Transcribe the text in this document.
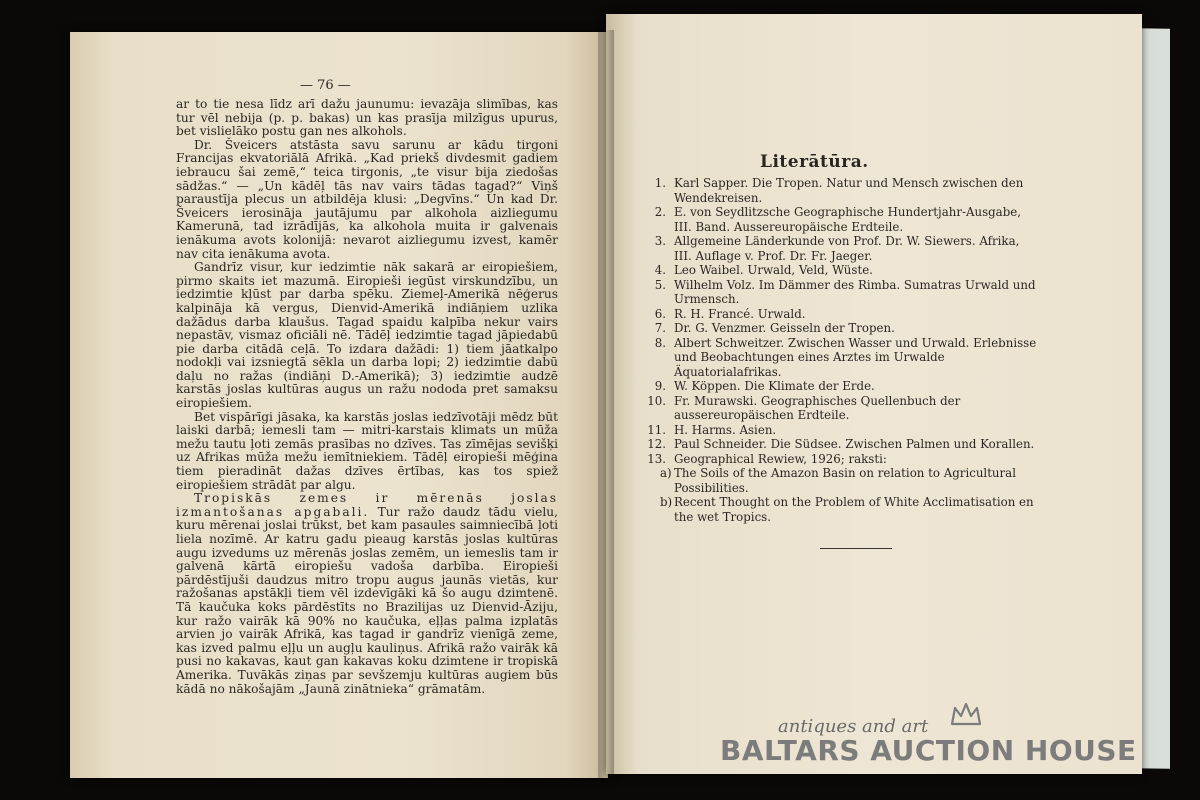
— 76 —

ar to tie nesa līdz arī dažu jaunumu: ievazāja slimības, kas tur vēl nebija (p. p. bakas) un kas prasīja milzīgus upurus, bet vislielāko postu gan nes alkohols.

Dr. Šveicers atstāsta savu sarunu ar kādu tirgoni Francijas ekvatoriālā Afrikā. „Kad priekš divdesmit gadiem iebraucu šai zemē,“ teica tirgonis, „te visur bija ziedošas sādžas.“ — „Un kādēļ tās nav vairs tādas tagad?“ Viņš paraustīja plecus un atbildēja klusi: „Degvīns.“ Un kad Dr. Šveicers ierosināja jautājumu par alkohola aizliegumu Kamerunā, tad izrādījās, ka alkohola muita ir galvenais ienākuma avots kolonijā: nevarot aizliegumu izvest, kamēr nav cita ienākuma avota.

Gandrīz visur, kur iedzimtie nāk sakarā ar eiropiešiem, pirmo skaits iet mazumā. Eiropieši iegūst virskundzību, un iedzimtie kļūst par darba spēku. Ziemeļ-Amerikā nēģerus kalpināja kā vergus, Dienvid-Amerikā indiāņiem uzlika dažādus darba klaušus. Tagad spaidu kalpība nekur vairs nepastāv, vismaz oficiāli nē. Tādēļ iedzimtie tagad jāpiedabū pie darba citādā ceļā. To izdara dažādi: 1) tiem jāatkalpo nodokļi vai izsniegtā sēkla un darba lopi; 2) iedzimtie dabū daļu no ražas (indiāņi D.-Amerikā); 3) iedzimtie audzē karstās joslas kultūras augus un ražu nododa pret samaksu eiropiešiem.

Bet vispārīgi jāsaka, ka karstās joslas iedzīvotāji mēdz būt laiski darbā; iemesli tam — mitri-karstais klimats un mūža mežu tautu ļoti zemās prasības no dzīves. Tas zīmējas sevišķi uz Afrikas mūža mežu iemītniekiem. Tādēļ eiropieši mēģina tiem pieradināt dažas dzīves ērtības, kas tos spiež eiropiešiem strādāt par algu.

Tropiskās zemes ir mērenās joslas izmantošanas apgabali. Tur ražo daudz tādu vielu, kuru mērenai joslai trūkst, bet kam pasaules saimniecībā ļoti liela nozīmē. Ar katru gadu pieaug karstās joslas kultūras augu izvedums uz mērenās joslas zemēm, un iemeslis tam ir galvenā kārtā eiropiešu vadoša darbība. Eiropieši pārdēstījuši daudzus mitro tropu augus jaunās vietās, kur ražošanas apstākļi tiem vēl izdevīgāki kā šo augu dzimtenē. Tā kaučuka koks pārdēstīts no Brazilijas uz Dienvid-Āziju, kur ražo vairāk kā 90% no kaučuka, eļļas palma izplatās arvien jo vairāk Afrikā, kas tagad ir gandrīz vienīgā zeme, kas izved palmu eļļu un augļu kauliņus. Afrikā ražo vairāk kā pusi no kakavas, kaut gan kakavas koku dzimtene ir tropiskā Amerika. Tuvākās ziņas par sevšzemju kultūras augiem būs kādā no nākošajām „Jaunā zinātnieka“ grāmatām.

Literātūra.
1. Karl Sapper. Die Tropen. Natur und Mensch zwischen den Wendekreisen.
2. E. von Seydlitzsche Geographische Hundertjahr-Ausgabe, III. Band. Aussereuropäische Erdteile.
3. Allgemeine Länderkunde von Prof. Dr. W. Siewers. Afrika, III. Auflage v. Prof. Dr. Fr. Jaeger.
4. Leo Waibel. Urwald, Veld, Wüste.
5. Wilhelm Volz. Im Dämmer des Rimba. Sumatras Urwald und Urmensch.
6. R. H. Francé. Urwald.
7. Dr. G. Venzmer. Geisseln der Tropen.
8. Albert Schweitzer. Zwischen Wasser und Urwald. Erlebnisse und Beobachtungen eines Arztes im Urwalde Äquatorialafrikas.
9. W. Köppen. Die Klimate der Erde.
10. Fr. Murawski. Geographisches Quellenbuch der aussereuropäischen Erdteile.
11. H. Harms. Asien.
12. Paul Schneider. Die Südsee. Zwischen Palmen und Korallen.
13. Geographical Rewiew, 1926; raksti:
a) The Soils of the Amazon Basin on relation to Agricultural Possibilities.
b) Recent Thought on the Problem of White Acclimatisation en the wet Tropics.
antiques and art
BALTARS AUCTION HOUSE
